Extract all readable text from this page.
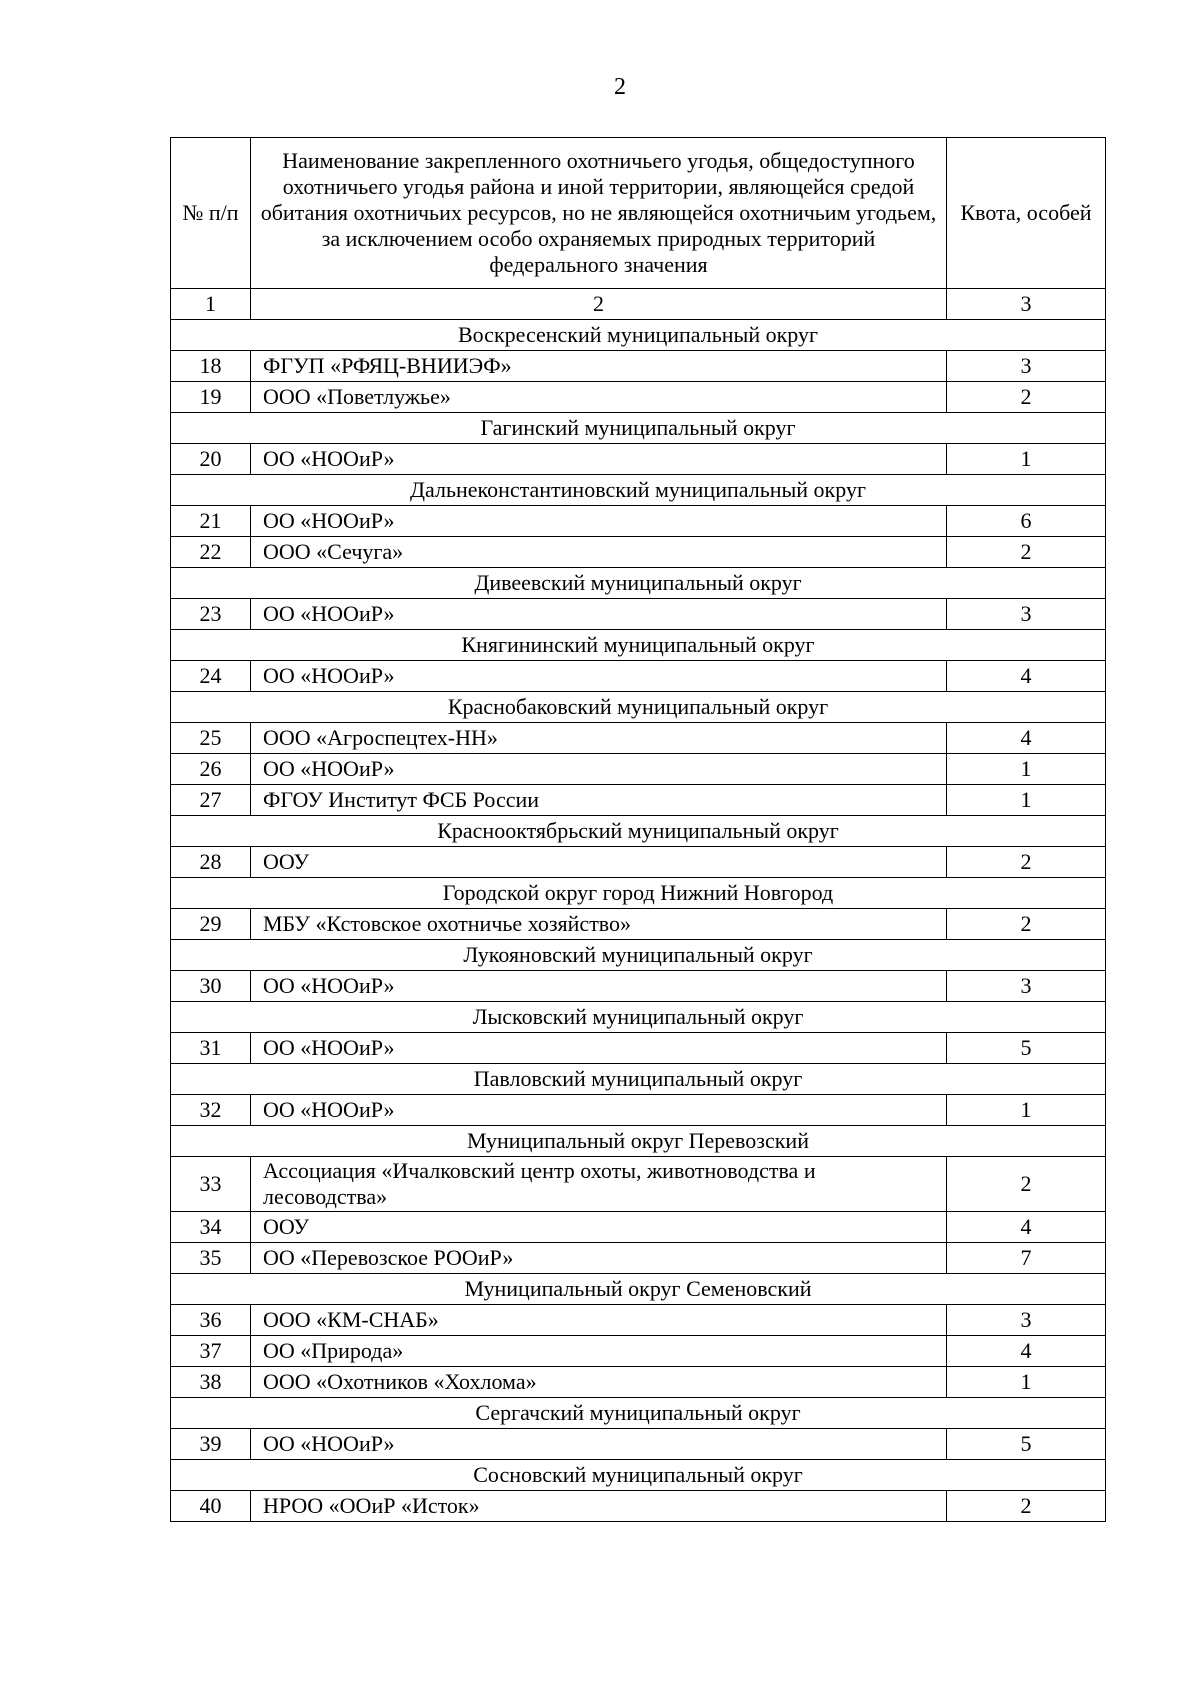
2
№ п/п	Наименование закрепленного охотничьего угодья, общедоступного охотничьего угодья района и иной территории, являющейся средой обитания охотничьих ресурсов, но не являющейся охотничьим угодьем, за исключением особо охраняемых природных территорий федерального значения	Квота, особей
1	2	3
Воскресенский муниципальный округ		
18	ФГУП «РФЯЦ-ВНИИЭФ»	3
19	ООО «Поветлужье»	2
Гагинский муниципальный округ		
20	ОО «НООиР»	1
Дальнеконстантиновский муниципальный округ		
21	ОО «НООиР»	6
22	ООО «Сечуга»	2
Дивеевский муниципальный округ		
23	ОО «НООиР»	3
Княгининский муниципальный округ		
24	ОО «НООиР»	4
Краснобаковский муниципальный округ		
25	ООО «Агроспецтех-НН»	4
26	ОО «НООиР»	1
27	ФГОУ Институт ФСБ России	1
Краснооктябрьский муниципальный округ		
28	ООУ	2
Городской округ город Нижний Новгород		
29	МБУ «Кстовское охотничье хозяйство»	2
Лукояновский муниципальный округ		
30	ОО «НООиР»	3
Лысковский муниципальный округ		
31	ОО «НООиР»	5
Павловский муниципальный округ		
32	ОО «НООиР»	1
Муниципальный округ Перевозский		
33	Ассоциация «Ичалковский центр охоты, животноводства и лесоводства»	2
34	ООУ	4
35	ОО «Перевозское РООиР»	7
Муниципальный округ Семеновский		
36	ООО «КМ-СНАБ»	3
37	ОО «Природа»	4
38	ООО «Охотников «Хохлома»	1
Сергачский муниципальный округ		
39	ОО «НООиР»	5
Сосновский муниципальный округ		
40	НРОО «ООиР «Исток»	2
